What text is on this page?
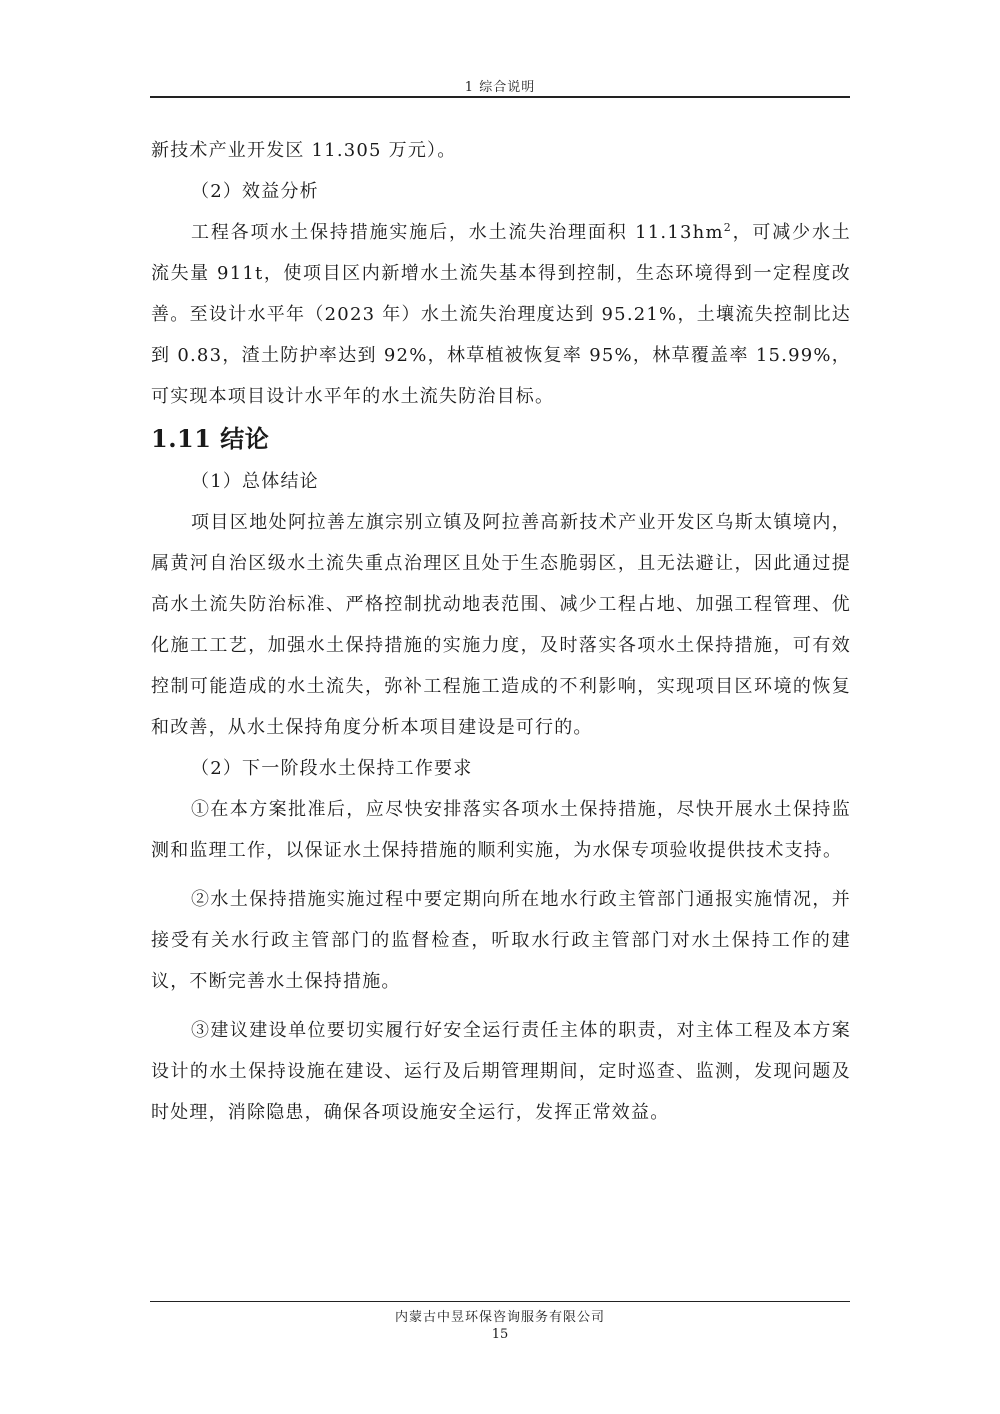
1 综合说明

新技术产业开发区 11.305 万元）。

（2）效益分析

工程各项水土保持措施实施后，水土流失治理面积 $11.13hm^2$，可减少水土流失量 911t，使项目区内新增水土流失基本得到控制，生态环境得到一定程度改善。至设计水平年（2023 年）水土流失治理度达到 95.21%，土壤流失控制比达到 0.83，渣土防护率达到 92%，林草植被恢复率 95%，林草覆盖率 15.99%，可实现本项目设计水平年的水土流失防治目标。

1.11 结论

（1）总体结论

项目区地处阿拉善左旗宗别立镇及阿拉善高新技术产业开发区乌斯太镇境内，属黄河自治区级水土流失重点治理区且处于生态脆弱区，且无法避让，因此通过提高水土流失防治标准、严格控制扰动地表范围、减少工程占地、加强工程管理、优化施工工艺，加强水土保持措施的实施力度，及时落实各项水土保持措施，可有效控制可能造成的水土流失，弥补工程施工造成的不利影响，实现项目区环境的恢复和改善，从水土保持角度分析本项目建设是可行的。

（2）下一阶段水土保持工作要求

①在本方案批准后，应尽快安排落实各项水土保持措施，尽快开展水土保持监测和监理工作，以保证水土保持措施的顺利实施，为水保专项验收提供技术支持。

②水土保持措施实施过程中要定期向所在地水行政主管部门通报实施情况，并接受有关水行政主管部门的监督检查，听取水行政主管部门对水土保持工作的建议，不断完善水土保持措施。

③建议建设单位要切实履行好安全运行责任主体的职责，对主体工程及本方案设计的水土保持设施在建设、运行及后期管理期间，定时巡查、监测，发现问题及时处理，消除隐患，确保各项设施安全运行，发挥正常效益。

内蒙古中昱环保咨询服务有限公司
15
